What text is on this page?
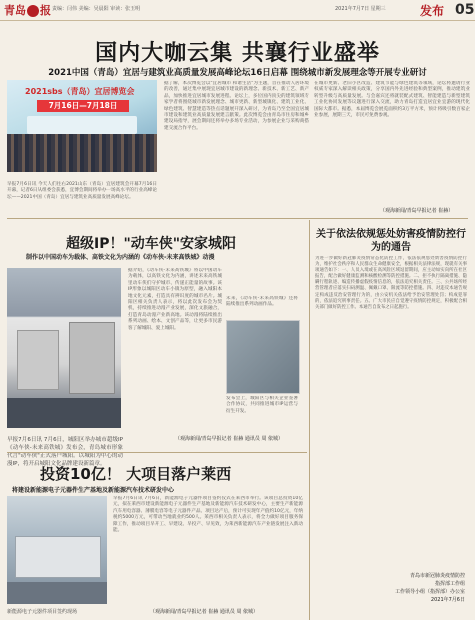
青岛 报 责编：闫伟 美编：吴晨阳 审读：张玉明	2021年7月7日 星期三	发布 05
国内大咖云集 共襄行业盛举
2021中国（青岛）宜居与建筑业高质量发展高峰论坛16日启幕 围绕城市新发展理念等开展专业研讨
2021sbs（青岛）宜居博览会
7月16日—7月18日
早报7月6日讯 今天人们往右2021山东（青岛）宜居建筑会开幕7月16日开幕，记者6日从组委会获悉，宜博会期间将举办一场高水平的行业高峰论坛——2021中国（青岛）宜居与建筑业高质量发展高峰论坛。
据了解，本次博览会以"宜居城市 和谐生活"为主题，旨在推动人居环境的改善，通过集中展现宜居城市建设的新理念、新技术、新工艺、新产品，加快推进宜居城市发展进程。论坛上，多位国内顶尖的建筑领域专家学者将围绕城市新发展理念、城市更新、新型城镇化、建筑工业化、绿色建筑、智慧建造等热点话题展开深入研讨，为青岛乃至全国宜居城市建设和建筑业高质量发展建言献策。此次博览会由青岛市住房和城乡建设局指导，展会期间还将举办多场专业活动，为参展企业与采购商搭建交流合作平台。
在城市更新、老旧小区改造、建筑节能与绿色建筑等领域，论坛将邀请行业权威专家深入解读相关政策，分享国内外先进经验和典型案例，推动建筑业转型升级与高质量发展。与会嘉宾还将就装配式建筑、智能建造与新型建筑工业化协同发展等议题进行深入交流，助力青岛打造宜居宜业宜游的现代化国际大都市。据悉，本届博览会展览面积约3万平方米，预计将吸引数百家企业参展，展期三天，市民可免费参观。
（观海新闻/青岛早报记者 崔赫）
超级IP！"动车侠"安家城阳
制作以中国动车为载体、高铁文化为内涵的《动车侠-未来高铁城》动漫
早报7月6日讯 7月6日，城阳区举办城市超级IP《动车侠-未来高铁城》发布会，青岛城市形象代言"动车侠"正式落户城阳。以城阳为中心的动漫IP，将开启城阳文化品牌建设新篇章。
据介绍，《动车侠-未来高铁城》将以中国动车为载体，以高铁文化为内涵，讲述未来高铁城里动车侠们守护城市、传递正能量的故事。该IP形象以城阳区动车小镇为原型，融入城阳本地文化元素，打造具有辨识度的城市名片。城阳区相关负责人表示，将以此次发布会为契机，持续推进动漫产业发展，深化文旅融合，打造青岛动漫产业新高地。该动漫将陆续推出系列动画、绘本、文创产品等，让更多市民游客了解城阳、爱上城阳。
未来，《动车侠-未来高铁城》还将陆续推出系列动画作品。
发布会上，城阳区与相关企业签署合作协议，共同推进城市IP运营与衍生开发。
（观海新闻/青岛早报记者 崔赫 通讯员 周 依城）
投资10亿！ 大项目落户莱西
将建设新能源电子元器件生产基地及新能源汽车技术研发中心
早报7月6日讯 7月6日，新能源电子元器件项目签约仪式在莱西市举行。该项目总投资10亿元，拟在莱西市建设新能源电子元器件生产基地及新能源汽车技术研发中心，主要生产新能源汽车用电容器、薄膜电容等电子元器件产品。项目达产后，预计可实现年产值约10亿元，年纳税约5000万元，可带动当地就业约500人。莱西市相关负责人表示，将全力做好项目服务保障工作，推动项目早开工、早建设、早投产、早见效，为莱西新能源汽车产业链发展注入新动能。
新能源电子元器件项目签约现场	（观海新闻/青岛早报记者 崔赫 通讯员 周 依城）
关于依法依规惩处妨害疫情防控行为的通告
为进一步做好新冠肺炎疫情常态化防控工作，依法依规惩处妨害疫情防控行为，维护社会秩序和人民群众生命健康安全，根据相关法律法规，现就有关事项通告如下：一、人员入境或在高风险区域逗留期间，应主动如实向所在社区报告，配合做好健康监测和核酸检测等防控措施。二、拒不执行隔离措施、隐瞒行程轨迹、编造传播虚假疫情信息的，依法追究相关责任。三、公共场所经营管理者应落实扫码测温、佩戴口罩、限流等防控措施。四、对违反本通告规定构成违反治安管理行为的，由公安机关依法给予治安管理处罚；构成犯罪的，依法追究刑事责任。五、广大市民应自觉遵守疫情防控规定，积极配合相关部门做好防控工作。本通告自发布之日起施行。
青岛市新冠肺炎疫情防控
指挥部工作组
工作领导小组（指挥部）办公室
2021年7月6日
